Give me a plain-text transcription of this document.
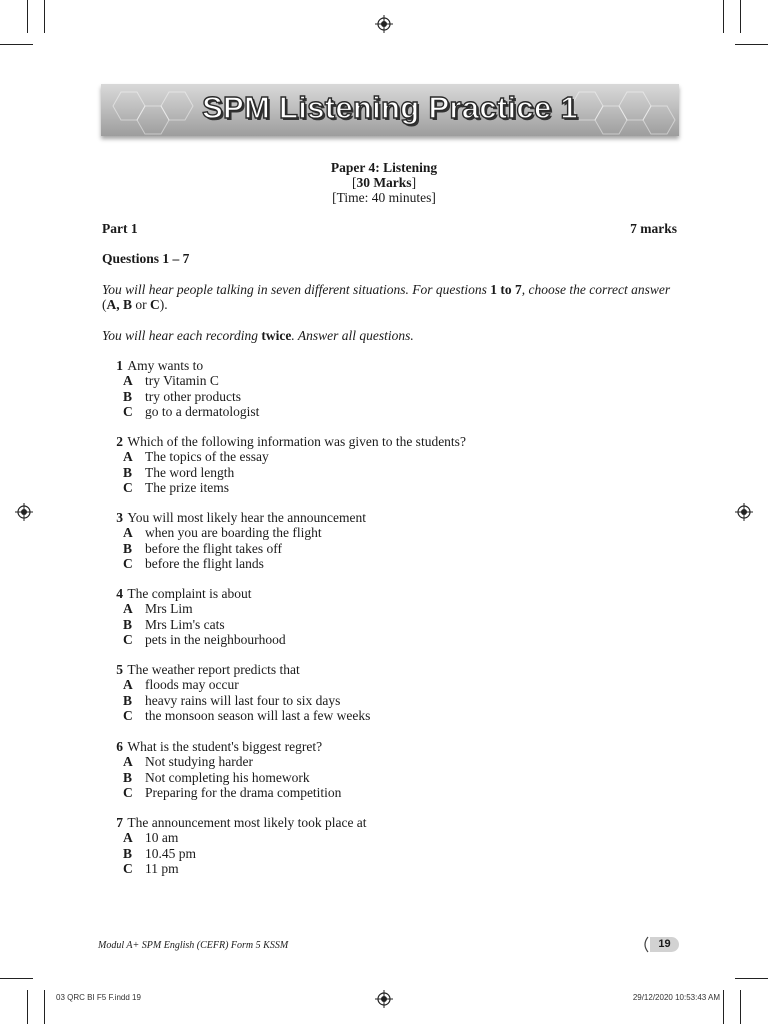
SPM Listening Practice 1
Paper 4: Listening
[30 Marks]
[Time: 40 minutes]
Part 1	7 marks
Questions 1 – 7
You will hear people talking in seven different situations. For questions 1 to 7, choose the correct answer
(A, B or C).
You will hear each recording twice. Answer all questions.
1 Amy wants to
A try Vitamin C
B try other products
C go to a dermatologist
2 Which of the following information was given to the students?
A The topics of the essay
B The word length
C The prize items
3 You will most likely hear the announcement
A when you are boarding the flight
B before the flight takes off
C before the flight lands
4 The complaint is about
A Mrs Lim
B Mrs Lim's cats
C pets in the neighbourhood
5 The weather report predicts that
A floods may occur
B heavy rains will last four to six days
C the monsoon season will last a few weeks
6 What is the student's biggest regret?
A Not studying harder
B Not completing his homework
C Preparing for the drama competition
7 The announcement most likely took place at
A 10 am
B 10.45 pm
C 11 pm
Modul A+ SPM English (CEFR) Form 5 KSSM	19
03 QRC BI F5 F.indd 19	29/12/2020 10:53:43 AM
